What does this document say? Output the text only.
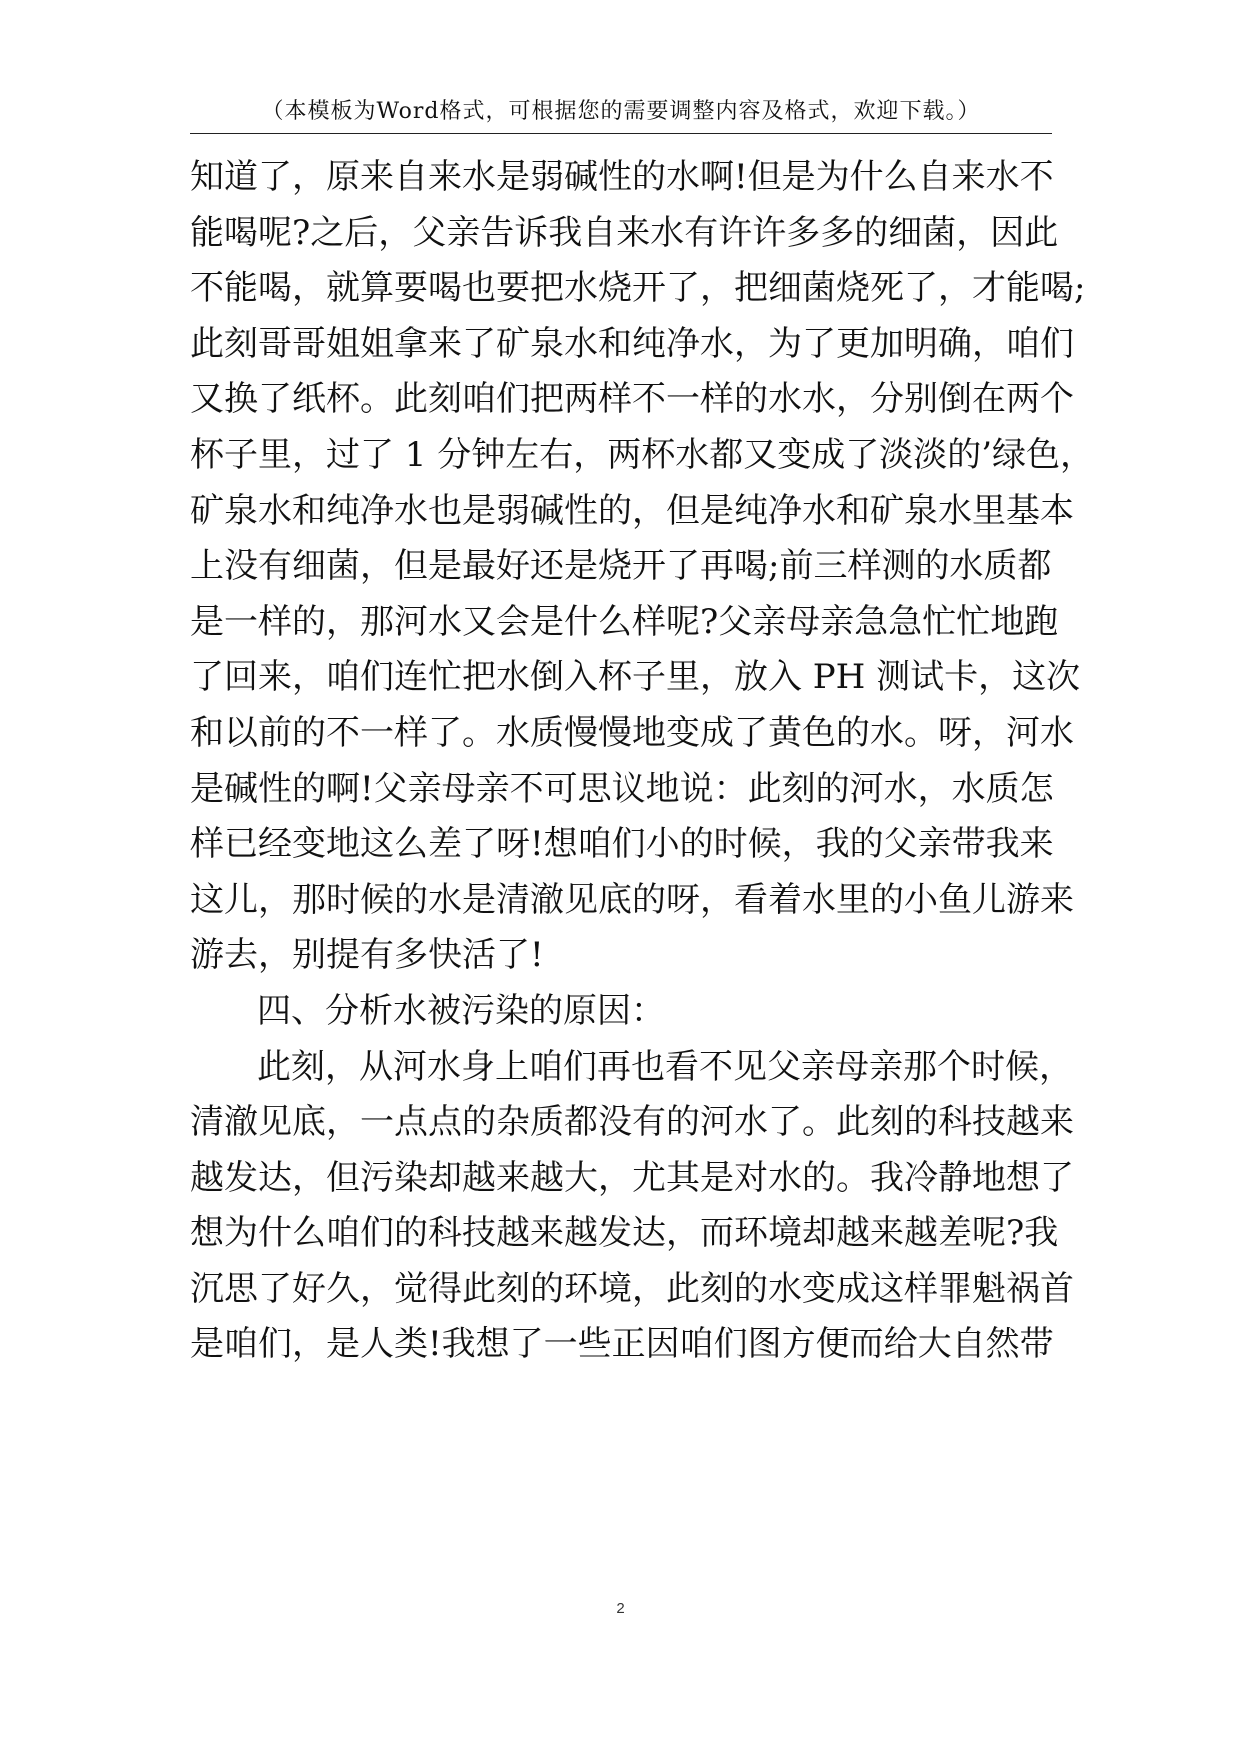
（本模板为Word格式，可根据您的需要调整内容及格式，欢迎下载。）
知道了，原来自来水是弱碱性的水啊!但是为什么自来水不
能喝呢?之后，父亲告诉我自来水有许许多多的细菌，因此
不能喝，就算要喝也要把水烧开了，把细菌烧死了，才能喝;
此刻哥哥姐姐拿来了矿泉水和纯净水，为了更加明确，咱们
又换了纸杯。此刻咱们把两样不一样的水水，分别倒在两个
杯子里，过了 1 分钟左右，两杯水都又变成了淡淡的’绿色，
矿泉水和纯净水也是弱碱性的，但是纯净水和矿泉水里基本
上没有细菌，但是最好还是烧开了再喝;前三样测的水质都
是一样的，那河水又会是什么样呢?父亲母亲急急忙忙地跑
了回来，咱们连忙把水倒入杯子里，放入 PH 测试卡，这次
和以前的不一样了。水质慢慢地变成了黄色的水。呀，河水
是碱性的啊!父亲母亲不可思议地说：此刻的河水，水质怎
样已经变地这么差了呀!想咱们小的时候，我的父亲带我来
这儿，那时候的水是清澈见底的呀，看着水里的小鱼儿游来
游去，别提有多快活了!
四、分析水被污染的原因：
此刻，从河水身上咱们再也看不见父亲母亲那个时候，
清澈见底，一点点的杂质都没有的河水了。此刻的科技越来
越发达，但污染却越来越大，尤其是对水的。我冷静地想了
想为什么咱们的科技越来越发达，而环境却越来越差呢?我
沉思了好久，觉得此刻的环境，此刻的水变成这样罪魁祸首
是咱们，是人类!我想了一些正因咱们图方便而给大自然带
2
